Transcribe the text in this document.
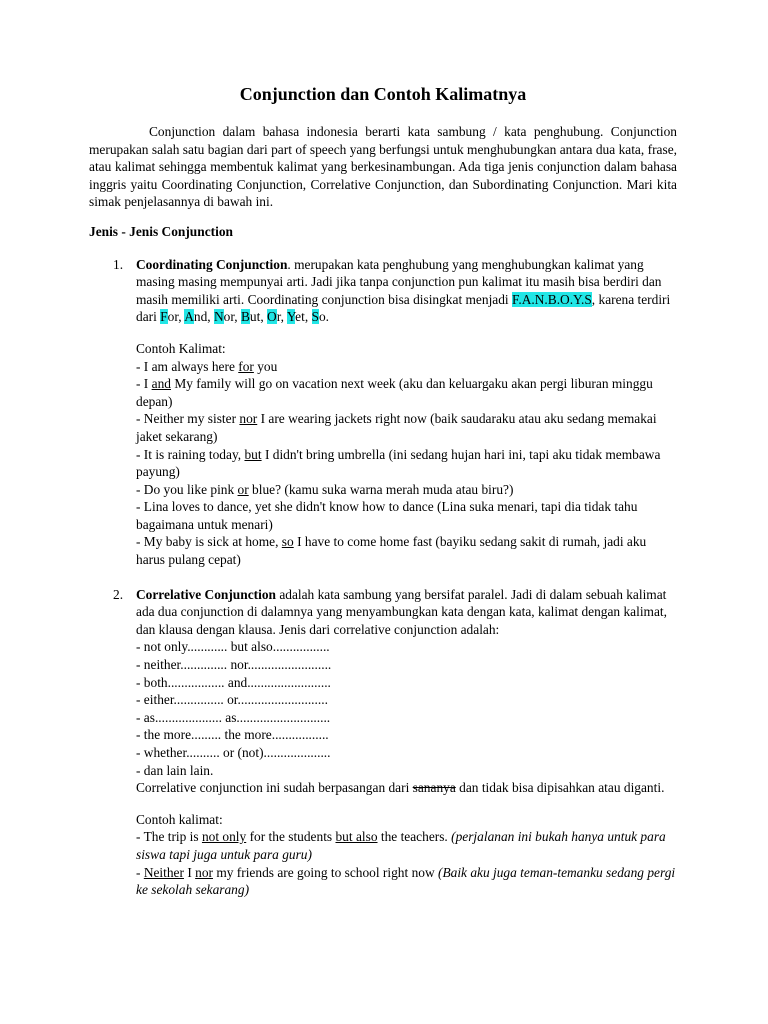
Conjunction dan Contoh Kalimatnya

Conjunction dalam bahasa indonesia berarti kata sambung / kata penghubung. Conjunction merupakan salah satu bagian dari part of speech yang berfungsi untuk menghubungkan antara dua kata, frase, atau kalimat sehingga membentuk kalimat yang berkesinambungan. Ada tiga jenis conjunction dalam bahasa inggris yaitu Coordinating Conjunction, Correlative Conjunction, dan Subordinating Conjunction. Mari kita simak penjelasannya di bawah ini.

Jenis - Jenis Conjunction
1. Coordinating Conjunction. merupakan kata penghubung yang menghubungkan kalimat yang masing masing mempunyai arti. Jadi jika tanpa conjunction pun kalimat itu masih bisa berdiri dan masih memiliki arti. Coordinating conjunction bisa disingkat menjadi F.A.N.B.O.Y.S, karena terdiri dari For, And, Nor, But, Or, Yet, So.

Contoh Kalimat:

- I am always here for you

- I and My family will go on vacation next week (aku dan keluargaku akan pergi liburan minggu depan)

- Neither my sister nor I are wearing jackets right now (baik saudaraku atau aku sedang memakai jaket sekarang)

- It is raining today, but I didn't bring umbrella (ini sedang hujan hari ini, tapi aku tidak membawa payung)

- Do you like pink or blue? (kamu suka warna merah muda atau biru?)

- Lina loves to dance, yet she didn't know how to dance (Lina suka menari, tapi dia tidak tahu bagaimana untuk menari)

- My baby is sick at home, so I have to come home fast (bayiku sedang sakit di rumah, jadi aku harus pulang cepat)

2. Correlative Conjunction adalah kata sambung yang bersifat paralel. Jadi di dalam sebuah kalimat ada dua conjunction di dalamnya yang menyambungkan kata dengan kata, kalimat dengan kalimat, dan klausa dengan klausa. Jenis dari correlative conjunction adalah:

- not only............ but also.................

- neither.............. nor.........................

- both................. and.........................

- either............... or...........................

- as.................... as............................

- the more......... the more.................

- whether.......... or (not)....................

- dan lain lain.

Correlative conjunction ini sudah berpasangan dari sananya dan tidak bisa dipisahkan atau diganti.

Contoh kalimat:

- The trip is not only for the students but also the teachers. (perjalanan ini bukah hanya untuk para siswa tapi juga untuk para guru)

- Neither I nor my friends are going to school right now (Baik aku juga teman-temanku sedang pergi ke sekolah sekarang)
